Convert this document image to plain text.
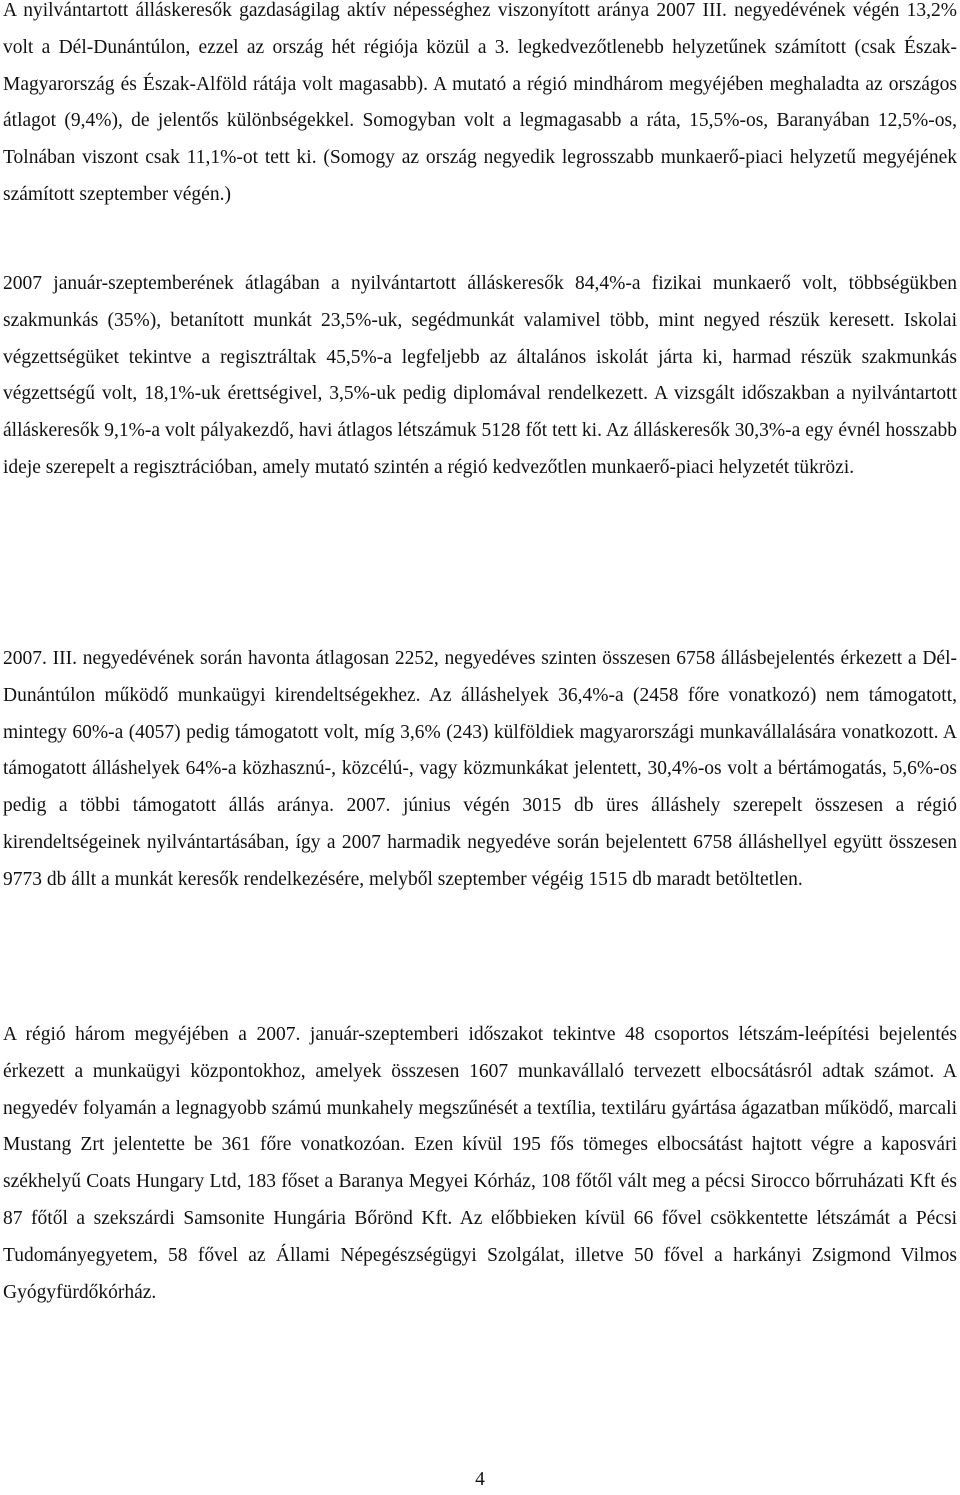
A nyilvántartott álláskeresők gazdaságilag aktív népességhez viszonyított aránya 2007 III. negyedévének végén 13,2% volt a Dél-Dunántúlon, ezzel az ország hét régiója közül a 3. legkedvezőtlenebb helyzetűnek számított (csak Észak-Magyarország és Észak-Alföld rátája volt magasabb). A mutató a régió mindhárom megyéjében meghaladta az országos átlagot (9,4%), de jelentős különbségekkel. Somogyban volt a legmagasabb a ráta, 15,5%-os, Baranyában 12,5%-os, Tolnában viszont csak 11,1%-ot tett ki. (Somogy az ország negyedik legrosszabb munkaerő-piaci helyzetű megyéjének számított szeptember végén.)

2007 január-szeptemberének átlagában a nyilvántartott álláskeresők 84,4%-a fizikai munkaerő volt, többségükben szakmunkás (35%), betanított munkát 23,5%-uk, segédmunkát valamivel több, mint negyed részük keresett. Iskolai végzettségüket tekintve a regisztráltak 45,5%-a legfeljebb az általános iskolát járta ki, harmad részük szakmunkás végzettségű volt, 18,1%-uk érettségivel, 3,5%-uk pedig diplomával rendelkezett. A vizsgált időszakban a nyilvántartott álláskeresők 9,1%-a volt pályakezdő, havi átlagos létszámuk 5128 főt tett ki. Az álláskeresők 30,3%-a egy évnél hosszabb ideje szerepelt a regisztrációban, amely mutató szintén a régió kedvezőtlen munkaerő-piaci helyzetét tükrözi.

2007. III. negyedévének során havonta átlagosan 2252, negyedéves szinten összesen 6758 állásbejelentés érkezett a Dél-Dunántúlon működő munkaügyi kirendeltségekhez. Az álláshelyek 36,4%-a (2458 főre vonatkozó) nem támogatott, mintegy 60%-a (4057) pedig támogatott volt, míg 3,6% (243) külföldiek magyarországi munkavállalására vonatkozott. A támogatott álláshelyek 64%-a közhasznú-, közcélú-, vagy közmunkákat jelentett, 30,4%-os volt a bértámogatás, 5,6%-os pedig a többi támogatott állás aránya. 2007. június végén 3015 db üres álláshely szerepelt összesen a régió kirendeltségeinek nyilvántartásában, így a 2007 harmadik negyedéve során bejelentett 6758 álláshellyel együtt összesen 9773 db állt a munkát keresők rendelkezésére, melyből szeptember végéig 1515 db maradt betöltetlen.

A régió három megyéjében a 2007. január-szeptemberi időszakot tekintve 48 csoportos létszám-leépítési bejelentés érkezett a munkaügyi központokhoz, amelyek összesen 1607 munkavállaló tervezett elbocsátásról adtak számot. A negyedév folyamán a legnagyobb számú munkahely megszűnését a textília, textiláru gyártása ágazatban működő, marcali Mustang Zrt jelentette be 361 főre vonatkozóan. Ezen kívül 195 fős tömeges elbocsátást hajtott végre a kaposvári székhelyű Coats Hungary Ltd, 183 főset a Baranya Megyei Kórház, 108 főtől vált meg a pécsi Sirocco bőrruházati Kft és 87 főtől a szekszárdi Samsonite Hungária Bőrönd Kft. Az előbbieken kívül 66 fővel csökkentette létszámát a Pécsi Tudományegyetem, 58 fővel az Állami Népegészségügyi Szolgálat, illetve 50 fővel a harkányi Zsigmond Vilmos Gyógyfürdőkórház.

4
